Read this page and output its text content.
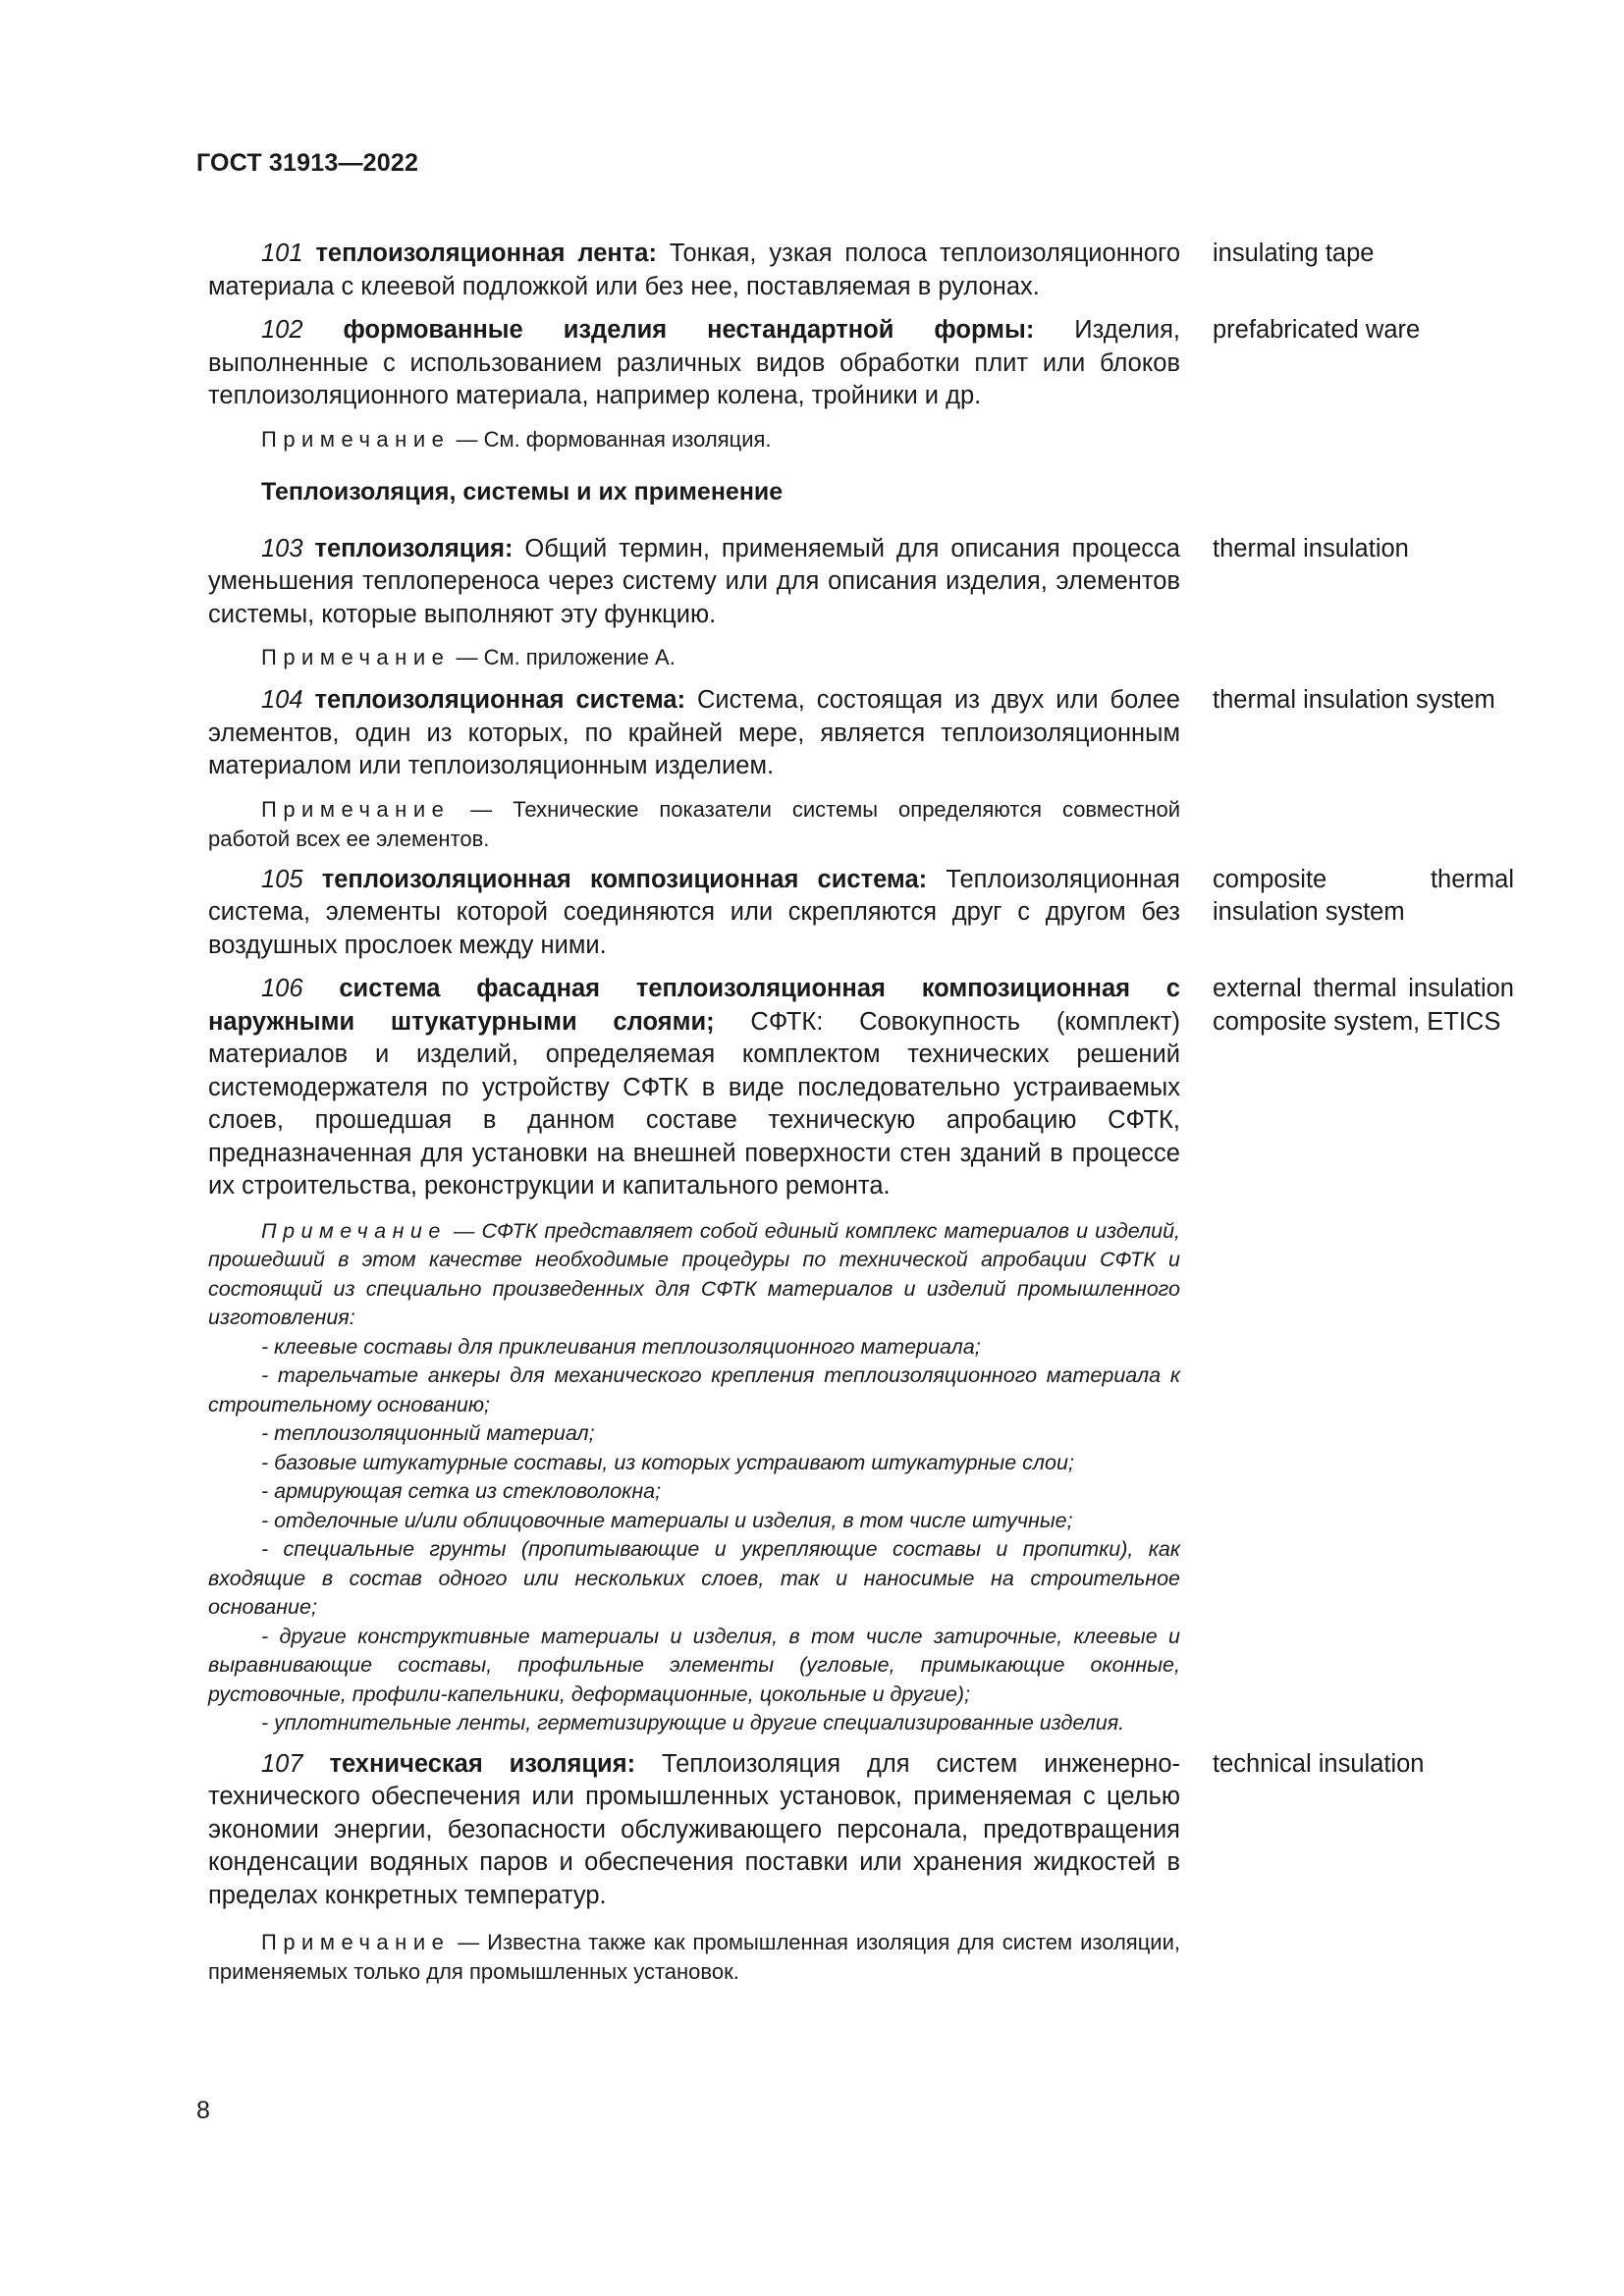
ГОСТ 31913—2022
101 теплоизоляционная лента: Тонкая, узкая полоса теплоизоляционного материала с клеевой подложкой или без нее, поставляемая в рулонах.
insulating tape
102 формованные изделия нестандартной формы: Изделия, выполненные с использованием различных видов обработки плит или блоков теплоизоляционного материала, например колена, тройники и др.
prefabricated ware
Примечание — См. формованная изоляция.
Теплоизоляция, системы и их применение
103 теплоизоляция: Общий термин, применяемый для описания процесса уменьшения теплопереноса через систему или для описания изделия, элементов системы, которые выполняют эту функцию.
thermal insulation
Примечание — См. приложение А.
104 теплоизоляционная система: Система, состоящая из двух или более элементов, один из которых, по крайней мере, является теплоизоляционным материалом или теплоизоляционным изделием.
thermal insulation system
Примечание — Технические показатели системы определяются совместной работой всех ее элементов.
105 теплоизоляционная композиционная система: Теплоизоляционная система, элементы которой соединяются или скрепляются друг с другом без воздушных прослоек между ними.
composite thermal insulation system
106 система фасадная теплоизоляционная композиционная с наружными штукатурными слоями; СФТК: Совокупность (комплект) материалов и изделий, определяемая комплектом технических решений системодержателя по устройству СФТК в виде последовательно устраиваемых слоев, прошедшая в данном составе техническую апробацию СФТК, предназначенная для установки на внешней поверхности стен зданий в процессе их строительства, реконструкции и капитального ремонта.
external thermal insulation composite system, ETICS

Примечание — СФТК представляет собой единый комплекс материалов и изделий, прошедший в этом качестве необходимые процедуры по технической апробации СФТК и состоящий из специально произведенных для СФТК материалов и изделий промышленного изготовления:

- клеевые составы для приклеивания теплоизоляционного материала;

- тарельчатые анкеры для механического крепления теплоизоляционного материала к строительному основанию;

- теплоизоляционный материал;

- базовые штукатурные составы, из которых устраивают штукатурные слои;

- армирующая сетка из стекловолокна;

- отделочные и/или облицовочные материалы и изделия, в том числе штучные;

- специальные грунты (пропитывающие и укрепляющие составы и пропитки), как входящие в состав одного или нескольких слоев, так и наносимые на строительное основание;

- другие конструктивные материалы и изделия, в том числе затирочные, клеевые и выравнивающие составы, профильные элементы (угловые, примыкающие оконные, рустовочные, профили-капельники, деформационные, цокольные и другие);

- уплотнительные ленты, герметизирующие и другие специализированные изделия.

107 техническая изоляция: Теплоизоляция для систем инженерно-технического обеспечения или промышленных установок, применяемая с целью экономии энергии, безопасности обслуживающего персонала, предотвращения конденсации водяных паров и обеспечения поставки или хранения жидкостей в пределах конкретных температур.
technical insulation
Примечание — Известна также как промышленная изоляция для систем изоляции, применяемых только для промышленных установок.
8
